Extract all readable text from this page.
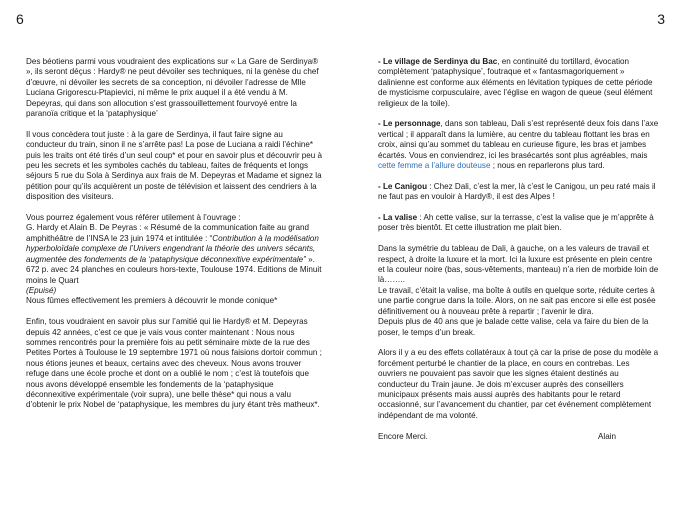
6	3

Des béotiens parmi vous voudraient des explications sur « La Gare de Serdinya® », ils seront déçus : Hardy® ne peut dévoiler ses techniques, ni la genèse du chef d’œuvre, ni dévoiler les secrets de sa conception, ni dévoiler l’adresse de Mlle Luciana Grigorescu-Ptapievici, ni même le prix auquel il a été vendu à M. Depeyras, qui dans son allocution s’est grassouillettement fourvoyé entre la paranoïa critique et la ‘pataphysique’

Il vous concèdera tout juste : à la gare de Serdinya, il faut faire signe au conducteur du train, sinon il ne s’arrête pas! La pose de Luciana a raidi l’échine* puis les traits ont été tirés d’un seul coup* et pour en savoir plus et découvrir peu à peu les secrets et les symboles cachés du tableau, faites de fréquents et longs séjours 5 rue du Sola à Serdinya aux frais de M. Depeyras et Madame et signez la pétition pour qu’ils acquièrent un poste de télévision et laissent des cendriers à la disposition des visiteurs.

Vous pourrez également vous référer utilement à l’ouvrage :
G. Hardy et Alain B. De Peyras : « Résumé de la communication faite au grand amphithéâtre de l’INSA le 23 juin 1974 et intitulée : “Contribution à la modélisation hyperboloïdale complexe de l’Univers engendrant la théorie des univers sécants, augmentée des fondements de la ‘pataphysique déconnexitive expérimentale” ». 672 p. avec 24 planches en couleurs hors-texte, Toulouse 1974. Editions de Minuit moins le Quart
(Epuisé)
Nous fûmes effectivement les premiers à découvrir le monde conique*

Enfin, tous voudraient en savoir plus sur l’amitié qui lie Hardy® et M. Depeyras depuis 42 années, c’est ce que je vais vous conter maintenant : Nous nous sommes rencontrés pour la première fois au petit séminaire mixte de la rue des Petites Portes à Toulouse le 19 septembre 1971 où nous faisions dortoir commun ; nous étions jeunes et beaux, certains avec des cheveux. Nous avons trouver refuge dans une école proche et dont on a oublié le nom ; c’est là toutefois que nous avons développé ensemble les fondements de la ‘pataphysique déconnexitive expérimentale (voir supra), une belle thèse* qui nous a valu d’obtenir le prix Nobel de ‘pataphysique, les membres du jury étant très matheux*.

- Le village de Serdinya du Bac, en continuité du tortillard, évocation complètement ‘pataphysique’, foutraque et « fantasmagoriquement » dalinienne est conforme aux éléments en lévitation typiques de cette période de mysticisme corpusculaire, avec l’église en wagon de queue (seul élément religieux de la toile).

- Le personnage, dans son tableau, Dali s’est représenté deux fois dans l’axe vertical ; il apparaît dans la lumière, au centre du tableau flottant les bras en croix, ainsi qu’au sommet du tableau en curieuse figure, les bras et jambes écartés. Vous en conviendrez, ici les brasécartés sont plus agréables, mais cette femme a l’allure douteuse ; nous en reparlerons plus tard.

- Le Canigou : Chez Dali, c’est la mer, là c’est le Canigou, un peu raté mais il ne faut pas en vouloir à Hardy®, il est des Alpes !

- La valise : Ah cette valise, sur la terrasse, c’est la valise que je m’apprête à poser très bientôt. Et cette illustration me plait bien.

Dans la symétrie du tableau de Dali, à gauche, on a les valeurs de travail et respect, à droite la luxure et la mort. Ici la luxure est présente en plein centre et la couleur noire (bas, sous-vêtements, manteau) n’a rien de morbide loin de là……..
Le travail, c’était la valise, ma boîte à outils en quelque sorte, réduite certes à une partie congrue dans la toile. Alors, on ne sait pas encore si elle est posée définitivement ou à nouveau prête à repartir ; l’avenir le dira.
Depuis plus de 40 ans que je balade cette valise, cela va faire du bien de la poser, le temps d’un break.

Alors il y a eu des effets collatéraux à tout çà car la prise de pose du modèle a forcément perturbé le chantier de la place, en cours en contrebas. Les ouvriers ne pouvaient pas savoir que les signes étaient destinés au conducteur du Train jaune. Je dois m’excuser auprès des conseillers municipaux présents mais aussi auprès des habitants pour le retard occasionné, sur l’avancement du chantier, par cet événement complètement indépendant de ma volonté.

Encore Merci.	Alain
